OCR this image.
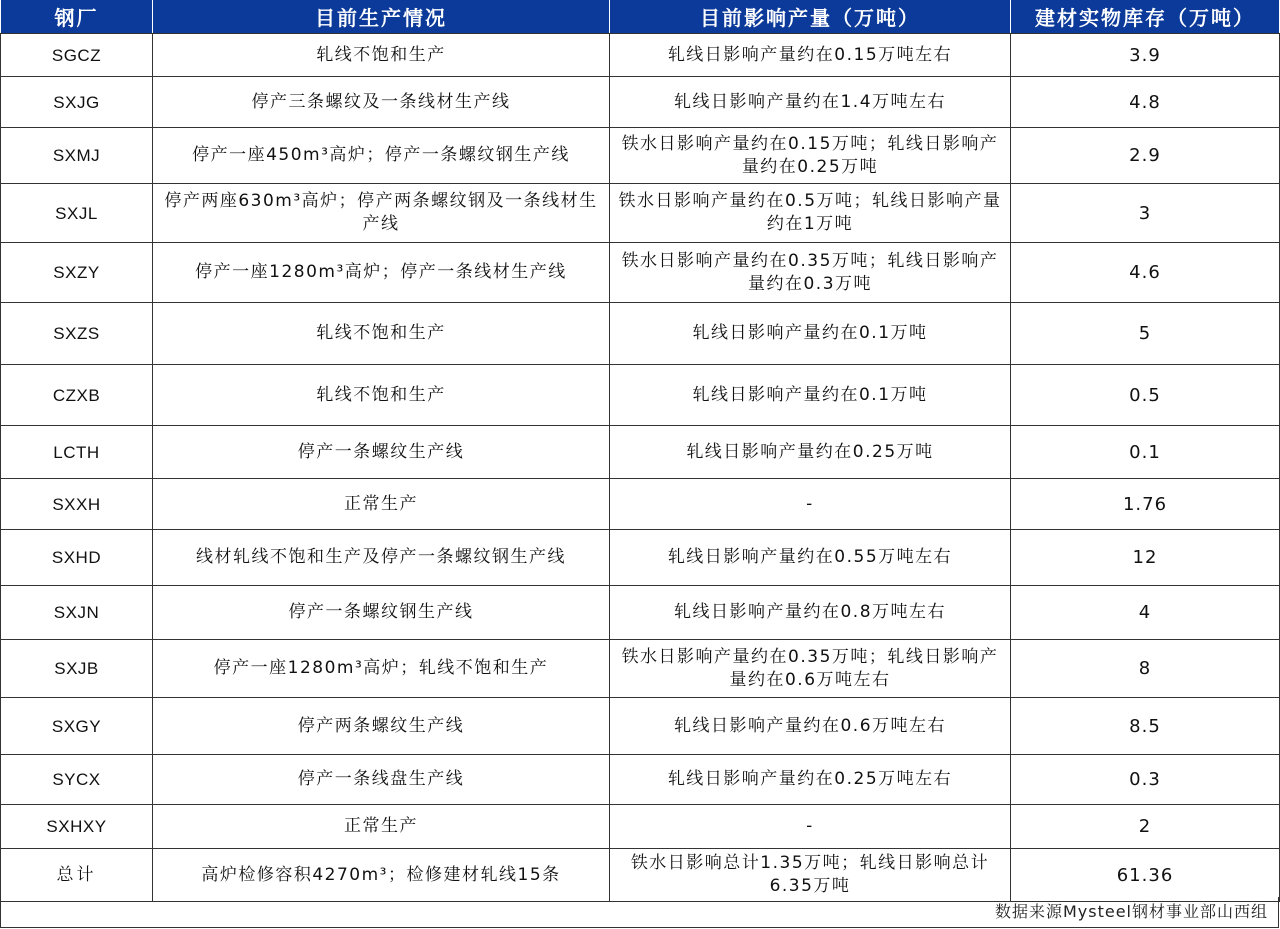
钢厂	目前生产情况	目前影响产量（万吨）	建材实物库存（万吨）
SGCZ	轧线不饱和生产	轧线日影响产量约在0.15万吨左右	3.9
SXJG	停产三条螺纹及一条线材生产线	轧线日影响产量约在1.4万吨左右	4.8
SXMJ	停产一座450m³高炉；停产一条螺纹钢生产线	铁水日影响产量约在0.15万吨；轧线日影响产量约在0.25万吨	2.9
SXJL	停产两座630m³高炉；停产两条螺纹钢及一条线材生产线	铁水日影响产量约在0.5万吨；轧线日影响产量约在1万吨	3
SXZY	停产一座1280m³高炉；停产一条线材生产线	铁水日影响产量约在0.35万吨；轧线日影响产量约在0.3万吨	4.6
SXZS	轧线不饱和生产	轧线日影响产量约在0.1万吨	5
CZXB	轧线不饱和生产	轧线日影响产量约在0.1万吨	0.5
LCTH	停产一条螺纹生产线	轧线日影响产量约在0.25万吨	0.1
SXXH	正常生产	-	1.76
SXHD	线材轧线不饱和生产及停产一条螺纹钢生产线	轧线日影响产量约在0.55万吨左右	12
SXJN	停产一条螺纹钢生产线	轧线日影响产量约在0.8万吨左右	4
SXJB	停产一座1280m³高炉；轧线不饱和生产	铁水日影响产量约在0.35万吨；轧线日影响产量约在0.6万吨左右	8
SXGY	停产两条螺纹生产线	轧线日影响产量约在0.6万吨左右	8.5
SYCX	停产一条线盘生产线	轧线日影响产量约在0.25万吨左右	0.3
SXHXY	正常生产	-	2
总计	高炉检修容积4270m³；检修建材轧线15条	铁水日影响总计1.35万吨；轧线日影响总计6.35万吨	61.36
数据来源Mysteel钢材事业部山西组
